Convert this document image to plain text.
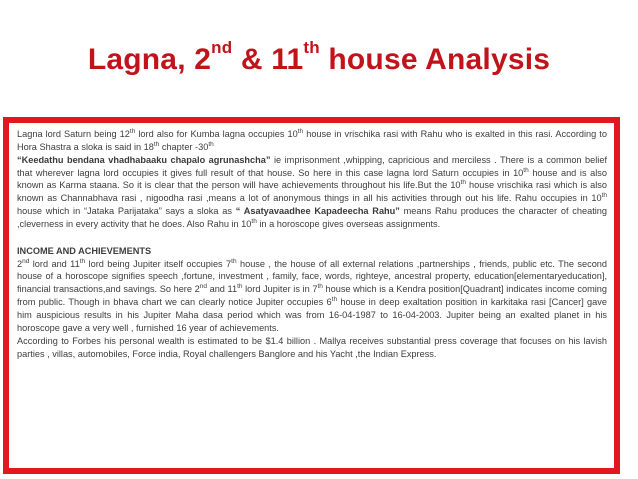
Lagna, 2nd & 11th house Analysis

Lagna lord Saturn being 12th lord also for Kumba lagna occupies 10th house in vrischika rasi with Rahu who is exalted in this rasi. According to Hora Shastra a sloka is said in 18th chapter -30th
“Keedathu bendana vhadhabaaku chapalo agrunashcha” ie imprisonment ,whipping, capricious and merciless . There is a common belief that wherever lagna lord occupies it gives full result of that house. So here in this case lagna lord Saturn occupies in 10th house and is also known as Karma staana. So it is clear that the person will have achievements throughout his life.But the 10th house vrischika rasi which is also known as Channabhava rasi , nigoodha rasi ,means a lot of anonymous things in all his activities through out his life. Rahu occupies in 10th house which in “Jataka Parijataka” says a sloka as “ Asatyavaadhee Kapadeecha Rahu” means Rahu produces the character of cheating ,cleverness in every activity that he does. Also Rahu in 10th in a horoscope gives overseas assignments.

INCOME AND ACHIEVEMENTS

2nd lord and 11th lord being Jupiter itself occupies 7th house , the house of all external relations ,partnerships , friends, public etc. The second house of a horoscope signifies speech ,fortune, investment , family, face, words, righteye, ancestral property, education[elementaryeducation], financial transactions,and savings. So here 2nd and 11th lord Jupiter is in 7th house which is a Kendra position[Quadrant] indicates income coming from public. Though in bhava chart we can clearly notice Jupiter occupies 6th house in deep exaltation position in karkitaka rasi [Cancer] gave him auspicious results in his Jupiter Maha dasa period which was from 16-04-1987 to 16-04-2003. Jupiter being an exalted planet in his horoscope gave a very well , furnished 16 year of achievements.

According to Forbes his personal wealth is estimated to be $1.4 billion . Mallya receives substantial press coverage that focuses on his lavish parties , villas, automobiles, Force india, Royal challengers Banglore and his Yacht ,the Indian Express.
